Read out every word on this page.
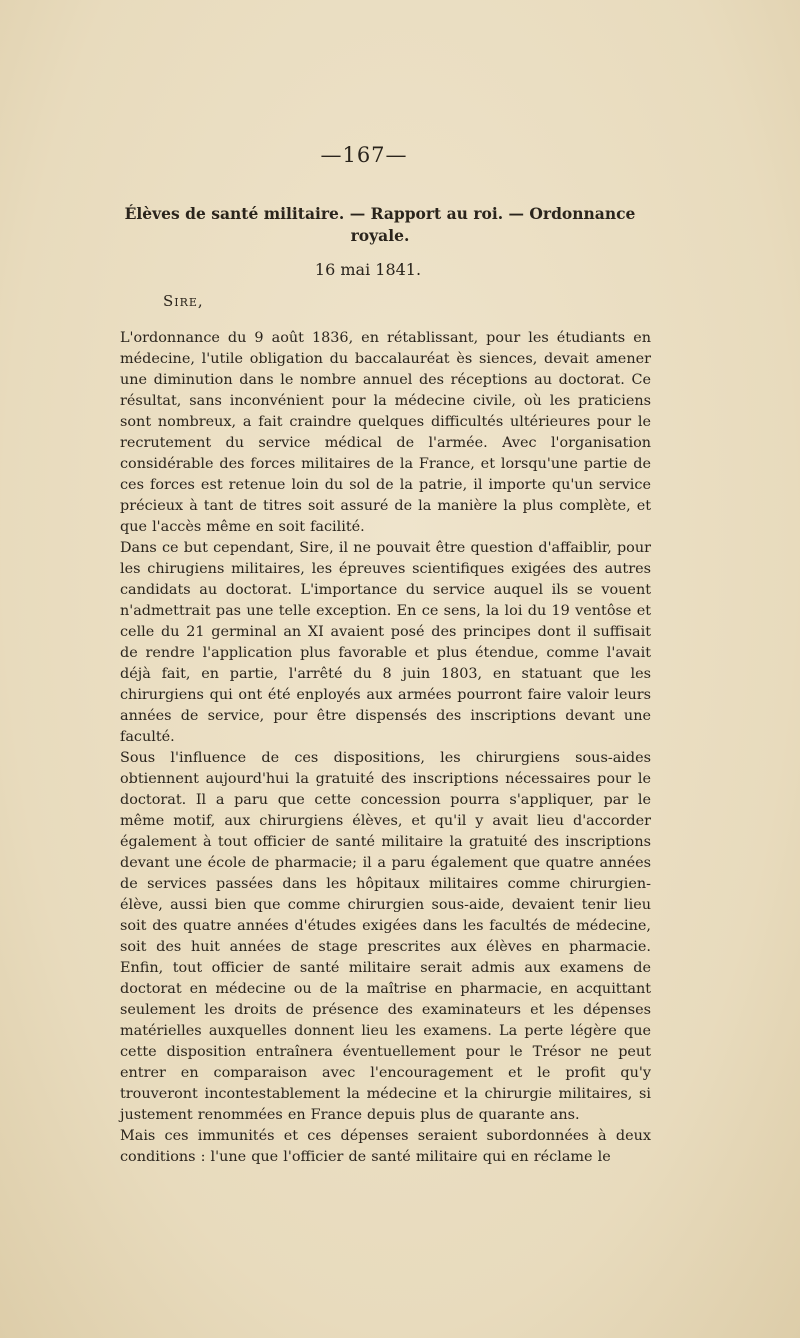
—167—
Élèves de santé militaire. — Rapport au roi. — Ordonnance royale.
16 mai 1841.
Sire,

L'ordonnance du 9 août 1836, en rétablissant, pour les étudiants en médecine, l'utile obligation du baccalauréat ès siences, devait amener une diminution dans le nombre annuel des réceptions au doctorat. Ce résultat, sans inconvénient pour la médecine civile, où les praticiens sont nombreux, a fait craindre quelques difficultés ultérieures pour le recrutement du service médical de l'armée. Avec l'organisation considérable des forces militaires de la France, et lorsqu'une partie de ces forces est retenue loin du sol de la patrie, il importe qu'un service précieux à tant de titres soit assuré de la manière la plus complète, et que l'accès même en soit facilité.

Dans ce but cependant, Sire, il ne pouvait être question d'affaiblir, pour les chirugiens militaires, les épreuves scientifiques exigées des autres candidats au doctorat. L'importance du service auquel ils se vouent n'admettrait pas une telle exception. En ce sens, la loi du 19 ventôse et celle du 21 germinal an XI avaient posé des principes dont il suffisait de rendre l'application plus favorable et plus étendue, comme l'avait déjà fait, en partie, l'arrêté du 8 juin 1803, en statuant que les chirurgiens qui ont été enployés aux armées pourront faire valoir leurs années de service, pour être dispensés des inscriptions devant une faculté.

Sous l'influence de ces dispositions, les chirurgiens sous-aides obtiennent aujourd'hui la gratuité des inscriptions nécessaires pour le doctorat. Il a paru que cette concession pourra s'appliquer, par le même motif, aux chirurgiens élèves, et qu'il y avait lieu d'accorder également à tout officier de santé militaire la gratuité des inscriptions devant une école de pharmacie; il a paru également que quatre années de services passées dans les hôpitaux militaires comme chirurgien-élève, aussi bien que comme chirurgien sous-aide, devaient tenir lieu soit des quatre années d'études exigées dans les facultés de médecine, soit des huit années de stage prescrites aux élèves en pharmacie. Enfin, tout officier de santé militaire serait admis aux examens de doctorat en médecine ou de la maîtrise en pharmacie, en acquittant seulement les droits de présence des examinateurs et les dépenses matérielles auxquelles donnent lieu les examens. La perte légère que cette disposition entraînera éventuellement pour le Trésor ne peut entrer en comparaison avec l'encouragement et le profit qu'y trouveront incontestablement la médecine et la chirurgie militaires, si justement renommées en France depuis plus de quarante ans.

Mais ces immunités et ces dépenses seraient subordonnées à deux conditions : l'une que l'officier de santé militaire qui en réclame le
